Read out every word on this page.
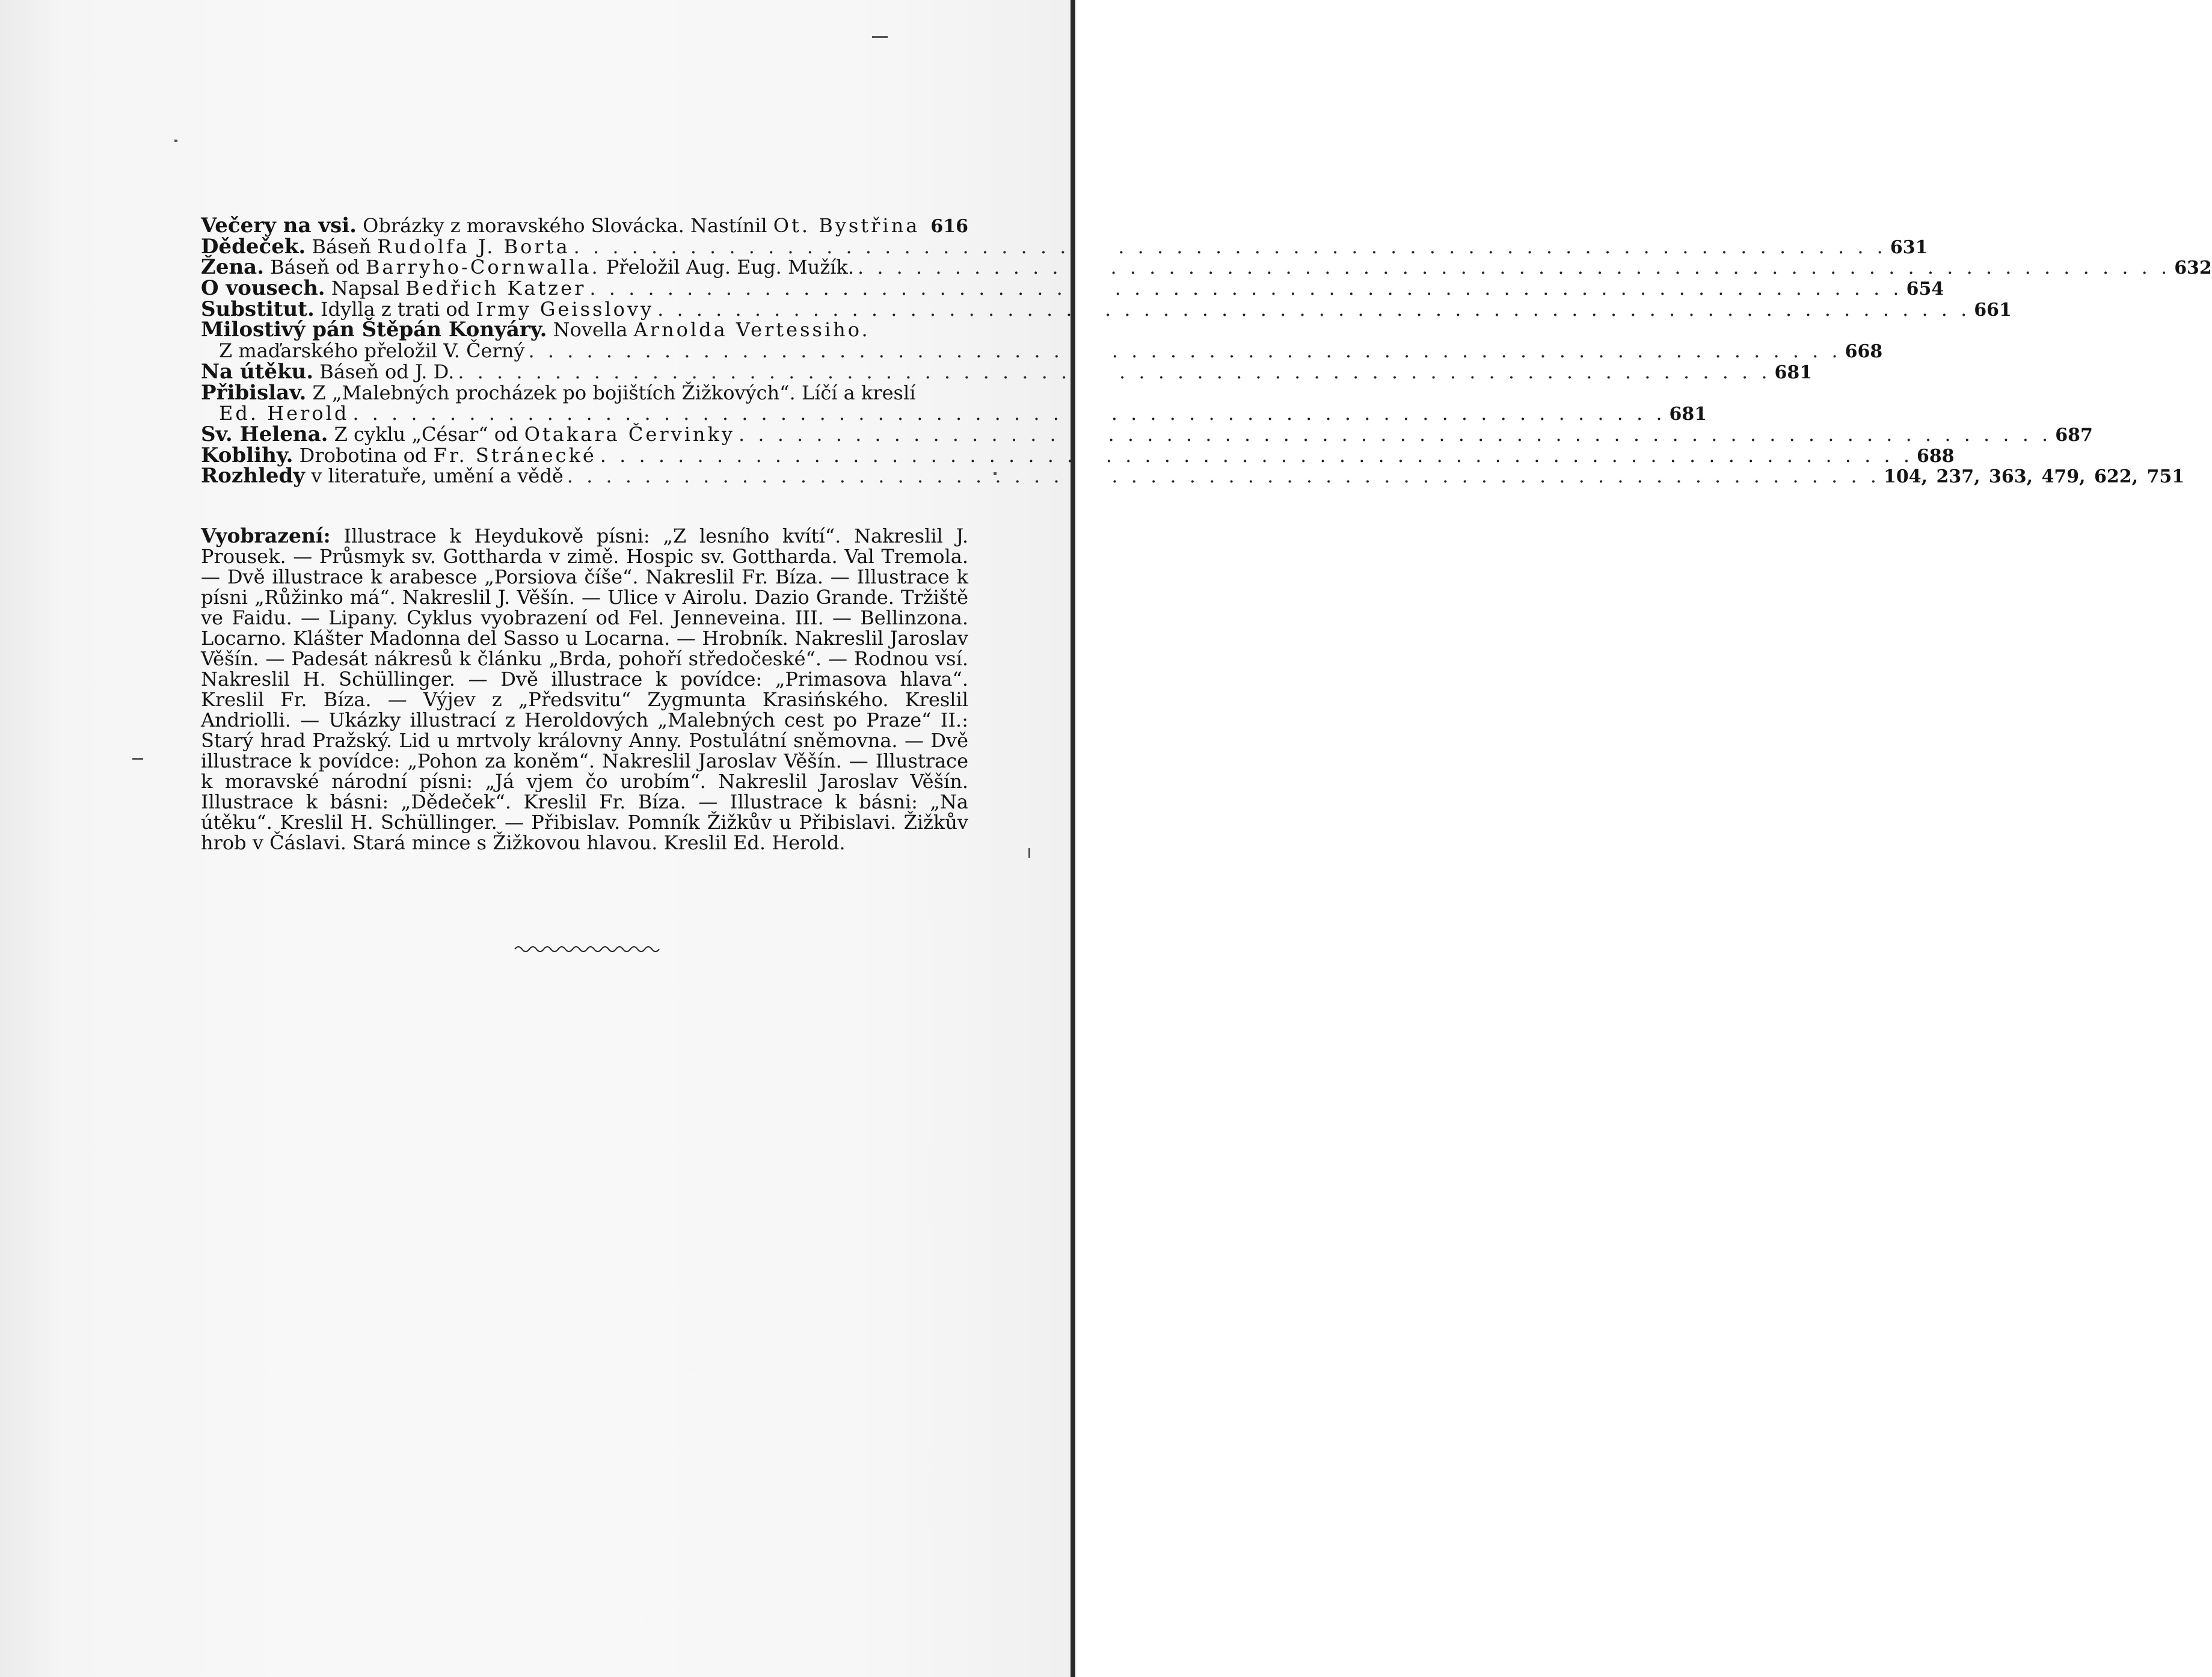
Večery na vsi. Obrázky z moravského Slovácka. Nastínil Ot. Bystřina 616
Dědeček. Báseň Rudolfa J. Borta . . .	631
Žena. Báseň od Barryho-Cornwalla. Přeložil Aug. Eug. Mužík. . . .	632
O vousech. Napsal Bedřich Katzer . . .	654
Substitut. Idylla z trati od Irmy Geisslovy . . .	661
Milostivý pán Štěpán Konyáry. Novella Arnolda Vertessiho.
Z maďarského přeložil V. Černý . . .	668
Na útěku. Báseň od J. D. . . .	681
Přibislav. Z „Malebných procházek po bojištích Žižkových“. Líčí a kreslí
Ed. Herold . . .	681
Sv. Helena. Z cyklu „César“ od Otakara Červinky . . .	687
Koblihy. Drobotina od Fr. Stránecké . . .	688
Rozhledy v literatuře, umění a vědě . . .	104, 237, 363, 479, 622, 751
Vyobrazení: Illustrace k Heydukově písni: „Z lesního kvítí“. Nakreslil J. Prousek. — Průsmyk sv. Gottharda v zimě. Hospic sv. Gottharda. Val Tremola. — Dvě illustrace k arabesce „Porsiova číše“. Nakreslil Fr. Bíza. — Illustrace k písni „Růžinko má“. Nakreslil J. Věšín. — Ulice v Airolu. Dazio Grande. Tržiště ve Faidu. — Lipany. Cyklus vyobrazení od Fel. Jenneveina. III. — Bellinzona. Locarno. Klášter Madonna del Sasso u Locarna. — Hrobník. Nakreslil Jaroslav Věšín. — Padesát nákresů k článku „Brda, pohoří středočeské“. — Rodnou vsí. Nakreslil H. Schüllinger. — Dvě illustrace k povídce: „Primasova hlava“. Kreslil Fr. Bíza. — Výjev z „Předsvitu“ Zygmunta Krasińského. Kreslil Andriolli. — Ukázky illustrací z Heroldových „Malebných cest po Praze“ II.: Starý hrad Pražský. Lid u mrtvoly královny Anny. Postulátní sněmovna. — Dvě illustrace k povídce: „Pohon za koněm“. Nakreslil Jaroslav Věšín. — Illustrace k moravské národní písni: „Já vjem čo urobím“. Nakreslil Jaroslav Věšín. Illustrace k básni: „Dědeček“. Kreslil Fr. Bíza. — Illustrace k básni: „Na útěku“. Kreslil H. Schüllinger. — Přibislav. Pomník Žižkův u Přibislavi. Žižkův hrob v Čáslavi. Stará mince s Žižkovou hlavou. Kreslil Ed. Herold.
